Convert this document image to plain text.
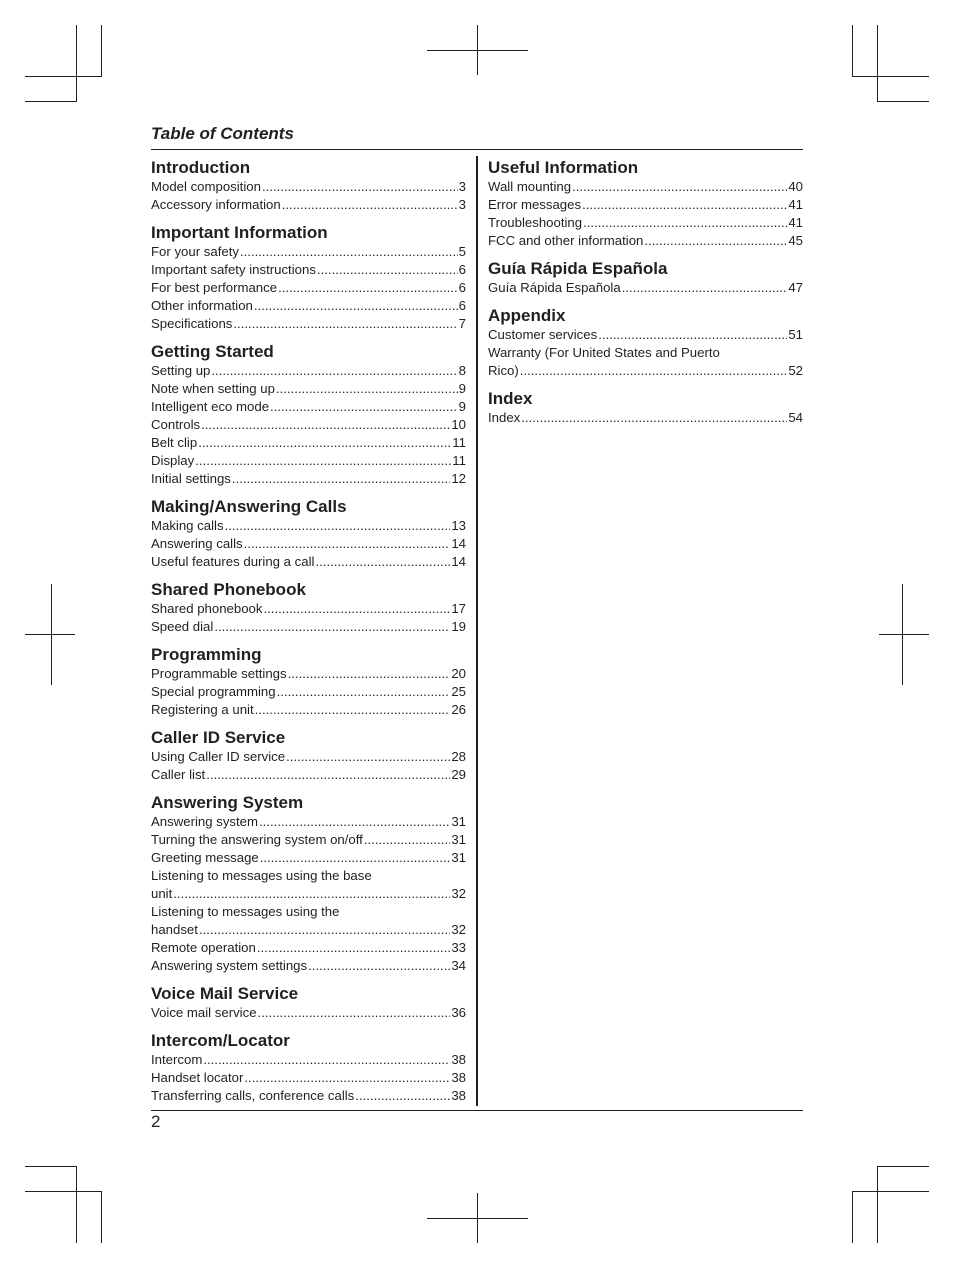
Table of Contents
Introduction
Model composition .....	3
Accessory information .....	3
Important Information
For your safety .....	5
Important safety instructions .....	6
For best performance .....	6
Other information .....	6
Specifications .....	7
Getting Started
Setting up .....	8
Note when setting up .....	9
Intelligent eco mode .....	9
Controls .....	10
Belt clip .....	11
Display .....	11
Initial settings .....	12
Making/Answering Calls
Making calls .....	13
Answering calls .....	14
Useful features during a call .....	14
Shared Phonebook
Shared phonebook .....	17
Speed dial .....	19
Programming
Programmable settings .....	20
Special programming .....	25
Registering a unit .....	26
Caller ID Service
Using Caller ID service .....	28
Caller list .....	29
Answering System
Answering system .....	31
Turning the answering system on/off .....	31
Greeting message .....	31
Listening to messages using the base
unit .....	32
Listening to messages using the
handset .....	32
Remote operation .....	33
Answering system settings .....	34
Voice Mail Service
Voice mail service .....	36
Intercom/Locator
Intercom .....	38
Handset locator .....	38
Transferring calls, conference calls .....	38
Useful Information
Wall mounting .....	40
Error messages .....	41
Troubleshooting .....	41
FCC and other information .....	45
Guía Rápida Española
Guía Rápida Española .....	47
Appendix
Customer services .....	51
Warranty (For United States and Puerto
Rico) .....	52
Index
Index .....	54
2
